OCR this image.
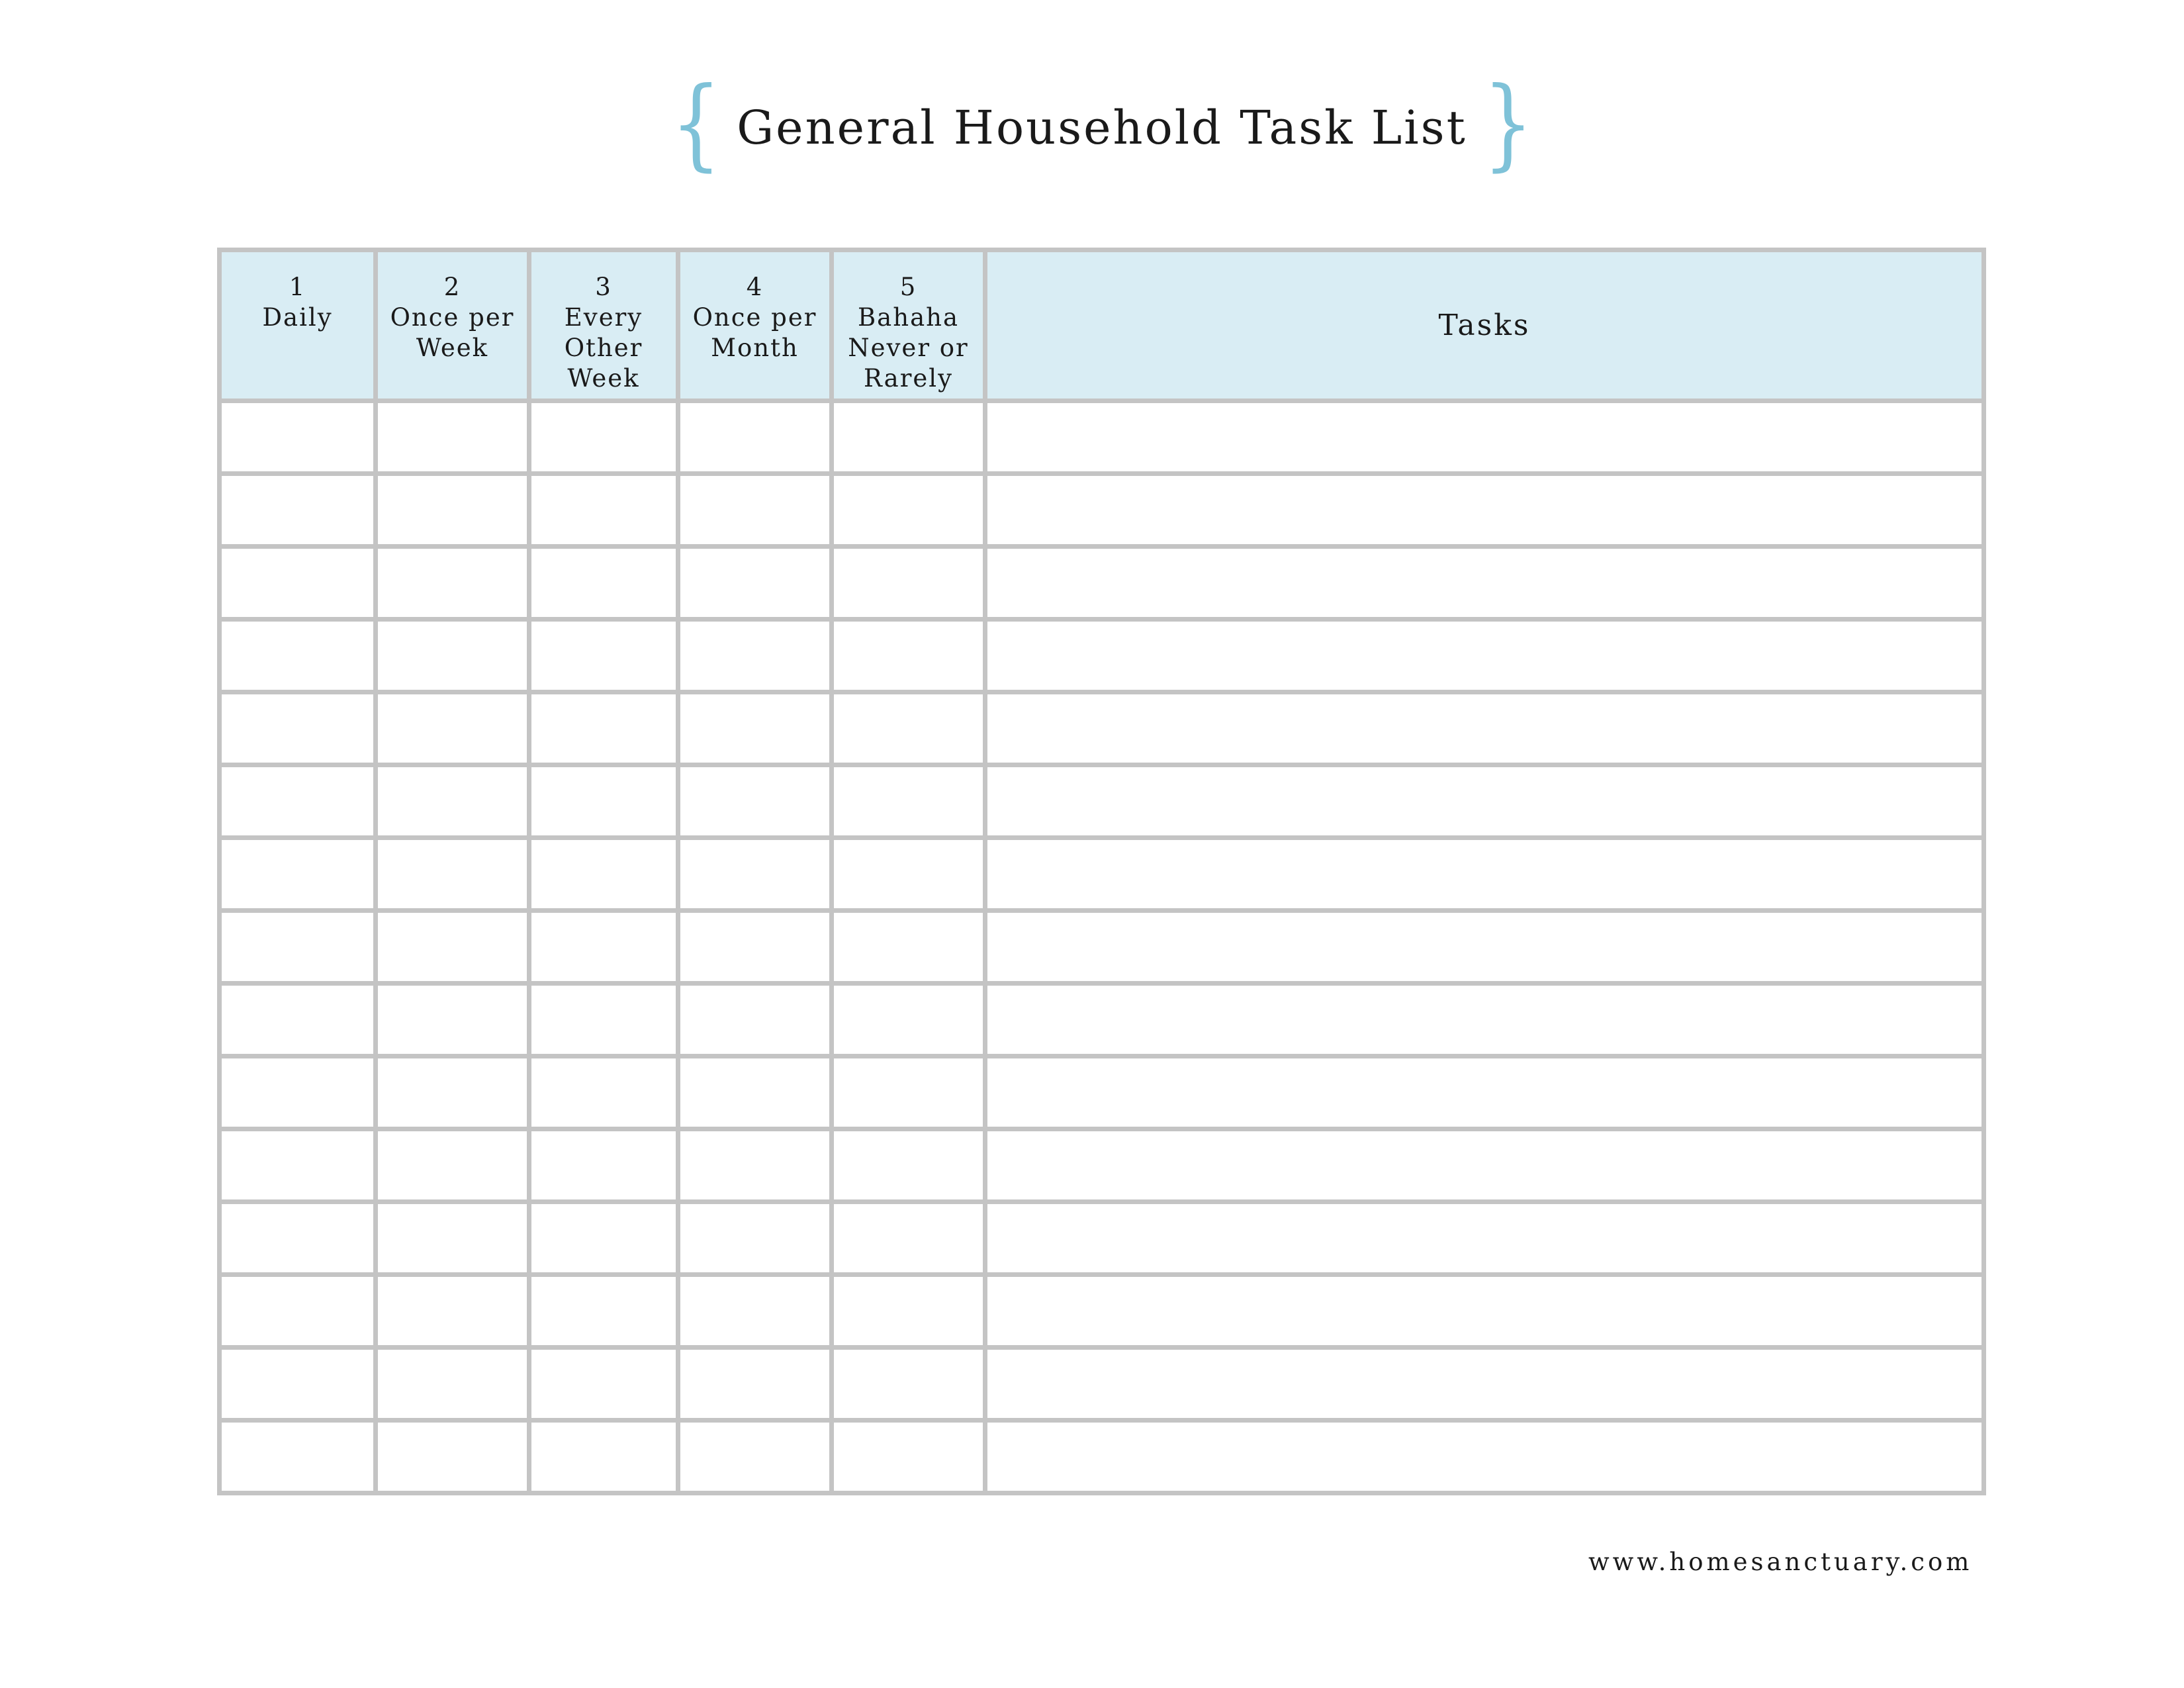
{ General Household Task List }
1
Daily	2
Once per
Week	3
Every
Other
Week	4
Once per
Month	5
Bahaha
Never or
Rarely	Tasks

www.homesanctuary.com
